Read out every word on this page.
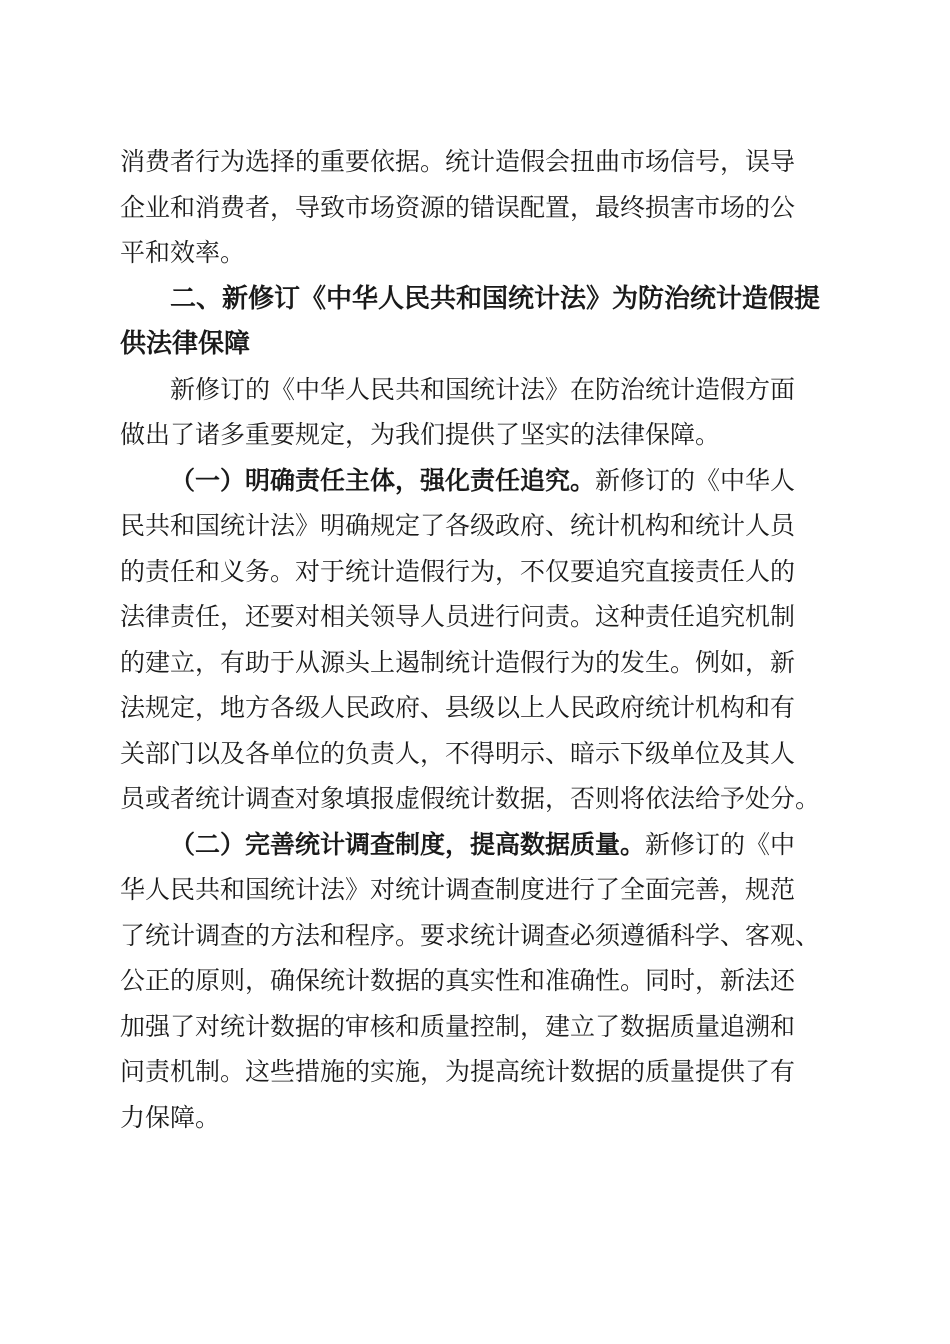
消费者行为选择的重要依据。统计造假会扭曲市场信号，误导
企业和消费者，导致市场资源的错误配置，最终损害市场的公
平和效率。
二、新修订《中华人民共和国统计法》为防治统计造假提
供法律保障
新修订的《中华人民共和国统计法》在防治统计造假方面
做出了诸多重要规定，为我们提供了坚实的法律保障。
（一）明确责任主体，强化责任追究。新修订的《中华人
民共和国统计法》明确规定了各级政府、统计机构和统计人员
的责任和义务。对于统计造假行为，不仅要追究直接责任人的
法律责任，还要对相关领导人员进行问责。这种责任追究机制
的建立，有助于从源头上遏制统计造假行为的发生。例如，新
法规定，地方各级人民政府、县级以上人民政府统计机构和有
关部门以及各单位的负责人，不得明示、暗示下级单位及其人
员或者统计调查对象填报虚假统计数据，否则将依法给予处分。
（二）完善统计调查制度，提高数据质量。新修订的《中
华人民共和国统计法》对统计调查制度进行了全面完善，规范
了统计调查的方法和程序。要求统计调查必须遵循科学、客观、
公正的原则，确保统计数据的真实性和准确性。同时，新法还
加强了对统计数据的审核和质量控制，建立了数据质量追溯和
问责机制。这些措施的实施，为提高统计数据的质量提供了有
力保障。
